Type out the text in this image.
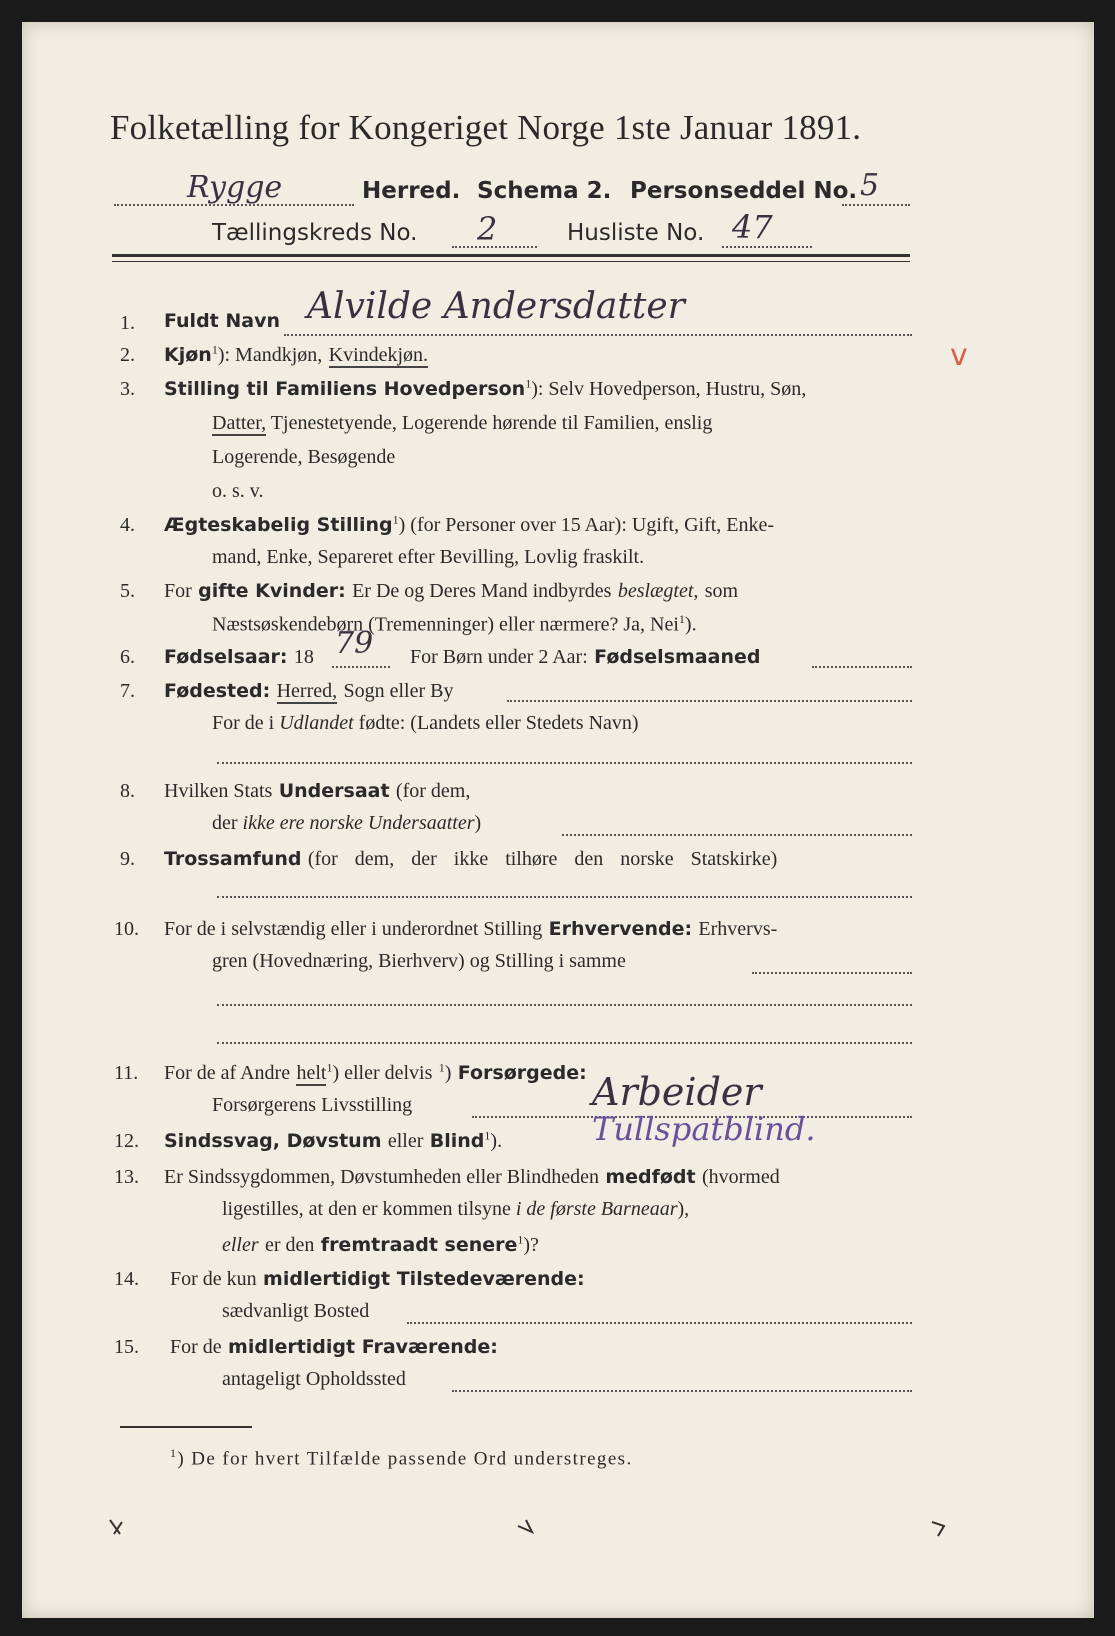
Folketælling for Kongeriget Norge 1ste Januar 1891.
Rygge	Herred. Schema 2. Personseddel No. 5
Tællingskreds No. 2	Husliste No. 47
v
1. Fuldt Navn Alvilde Andersdatter
2. Kjøn$^1$): Mandkjøn, Kvindekjøn.
3. Stilling til Familiens Hovedperson$^1$): Selv Hovedperson, Hustru, Søn,
Datter, Tjenestetyende, Logerende hørende til Familien, enslig
Logerende, Besøgende
o. s. v.
4. Ægteskabelig Stilling$^1$) (for Personer over 15 Aar): Ugift, Gift, Enke-
mand, Enke, Separeret efter Bevilling, Lovlig fraskilt.
5. For gifte Kvinder: Er De og Deres Mand indbyrdes beslægtet, som
Næstsøskendebørn (Tremenninger) eller nærmere? Ja, Nei$^1$).
6. Fødselsaar: 18 79 For Børn under 2 Aar: Fødselsmaaned
7. Fødested: Herred, Sogn eller By
For de i Udlandet fødte: (Landets eller Stedets Navn)
8. Hvilken Stats Undersaat (for dem,
der ikke ere norske Undersaatter)
9. Trossamfund (for dem, der ikke tilhøre den norske Statskirke)
10. For de i selvstændig eller i underordnet Stilling Erhvervende: Erhvervs-
gren (Hovednæring, Bierhverv) og Stilling i samme
11. For de af Andre helt$^1$) eller delvis $^1$) Forsørgede:
Forsørgerens Livsstilling	Arbeider
12. Sindssvag, Døvstum eller Blind$^1$).	Tullspatblind.
13. Er Sindssygdommen, Døvstumheden eller Blindheden medfødt (hvormed
ligestilles, at den er kommen tilsyne i de første Barneaar),
eller er den fremtraadt senere$^1$)?
14. For de kun midlertidigt Tilstedeværende:
sædvanligt Bosted
15. For de midlertidigt Fraværende:
antageligt Opholdssted
$^1$) De for hvert Tilfælde passende Ord understreges.
